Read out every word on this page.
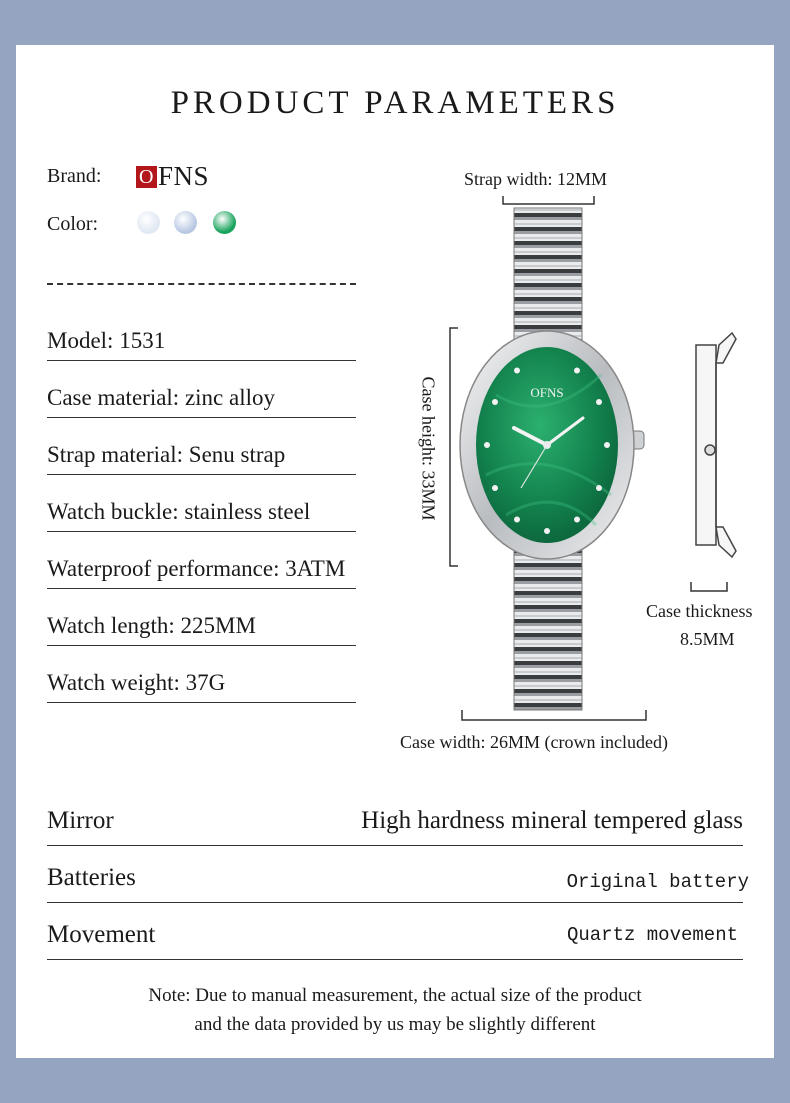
PRODUCT PARAMETERS
Brand: O FNS
Color:
Model: 1531
Case material: zinc alloy
Strap material: Senu strap
Watch buckle: stainless steel
Waterproof performance: 3ATM
Watch length: 225MM
Watch weight: 37G
OFNS
Strap width: 12MM
Case height: 33MM
Case thickness
8.5MM
Case width: 26MM (crown included)
Mirror	High hardness mineral tempered glass
Batteries	Original battery
Movement	Quartz movement
Note: Due to manual measurement, the actual size of the product
and the data provided by us may be slightly different
